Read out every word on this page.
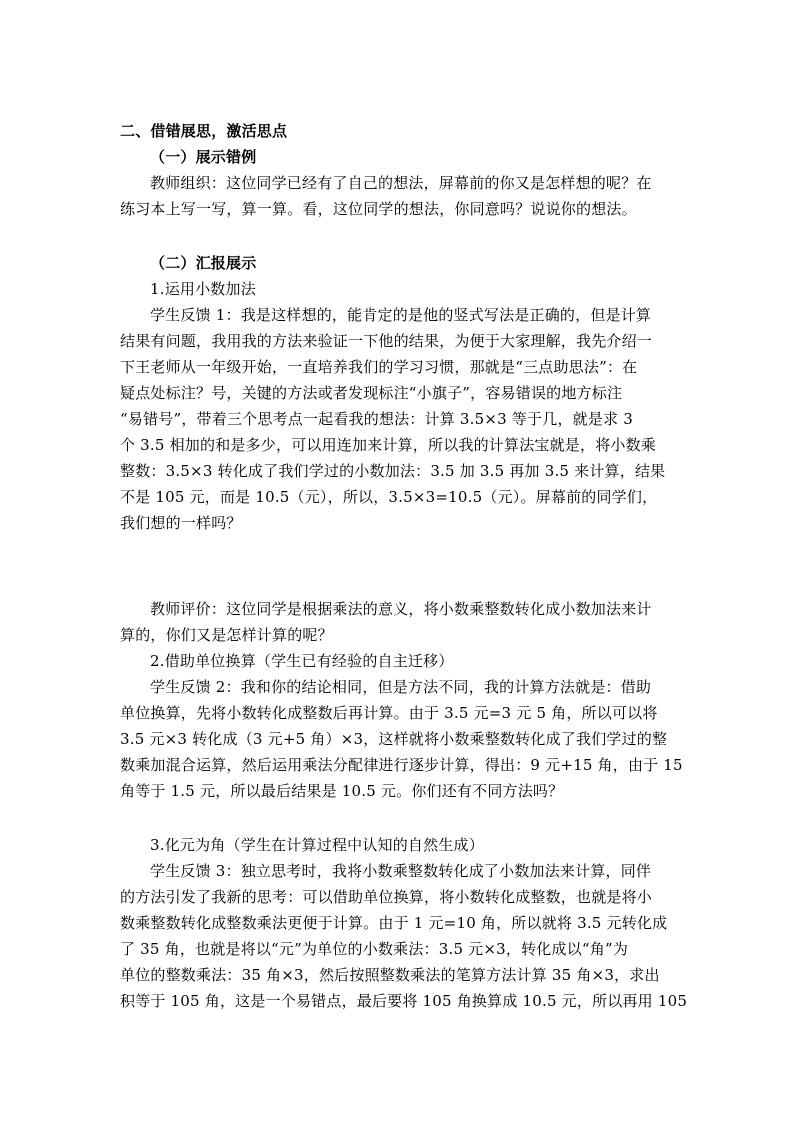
二、借错展思，激活思点
（一）展示错例
教师组织：这位同学已经有了自己的想法，屏幕前的你又是怎样想的呢？在
练习本上写一写，算一算。看，这位同学的想法，你同意吗？说说你的想法。
（二）汇报展示
1.运用小数加法
学生反馈 1：我是这样想的，能肯定的是他的竖式写法是正确的，但是计算
结果有问题，我用我的方法来验证一下他的结果，为便于大家理解，我先介绍一
下王老师从一年级开始，一直培养我们的学习习惯，那就是“三点助思法”：在
疑点处标注？号，关键的方法或者发现标注“小旗子”，容易错误的地方标注
“易错号”，带着三个思考点一起看我的想法：计算 3.5×3 等于几，就是求 3
个 3.5 相加的和是多少，可以用连加来计算，所以我的计算法宝就是，将小数乘
整数：3.5×3 转化成了我们学过的小数加法：3.5 加 3.5 再加 3.5 来计算，结果
不是 105 元，而是 10.5（元），所以，3.5×3=10.5（元）。屏幕前的同学们，
我们想的一样吗？
教师评价：这位同学是根据乘法的意义，将小数乘整数转化成小数加法来计
算的，你们又是怎样计算的呢？
2.借助单位换算（学生已有经验的自主迁移）
学生反馈 2：我和你的结论相同，但是方法不同，我的计算方法就是：借助
单位换算，先将小数转化成整数后再计算。由于 3.5 元=3 元 5 角，所以可以将
3.5 元×3 转化成（3 元+5 角）×3，这样就将小数乘整数转化成了我们学过的整
数乘加混合运算，然后运用乘法分配律进行逐步计算，得出：9 元+15 角，由于 15
角等于 1.5 元，所以最后结果是 10.5 元。你们还有不同方法吗？
3.化元为角（学生在计算过程中认知的自然生成）
学生反馈 3：独立思考时，我将小数乘整数转化成了小数加法来计算，同伴
的方法引发了我新的思考：可以借助单位换算，将小数转化成整数，也就是将小
数乘整数转化成整数乘法更便于计算。由于 1 元=10 角，所以就将 3.5 元转化成
了 35 角，也就是将以“元”为单位的小数乘法：3.5 元×3，转化成以“角”为
单位的整数乘法：35 角×3，然后按照整数乘法的笔算方法计算 35 角×3，求出
积等于 105 角，这是一个易错点，最后要将 105 角换算成 10.5 元，所以再用 105
